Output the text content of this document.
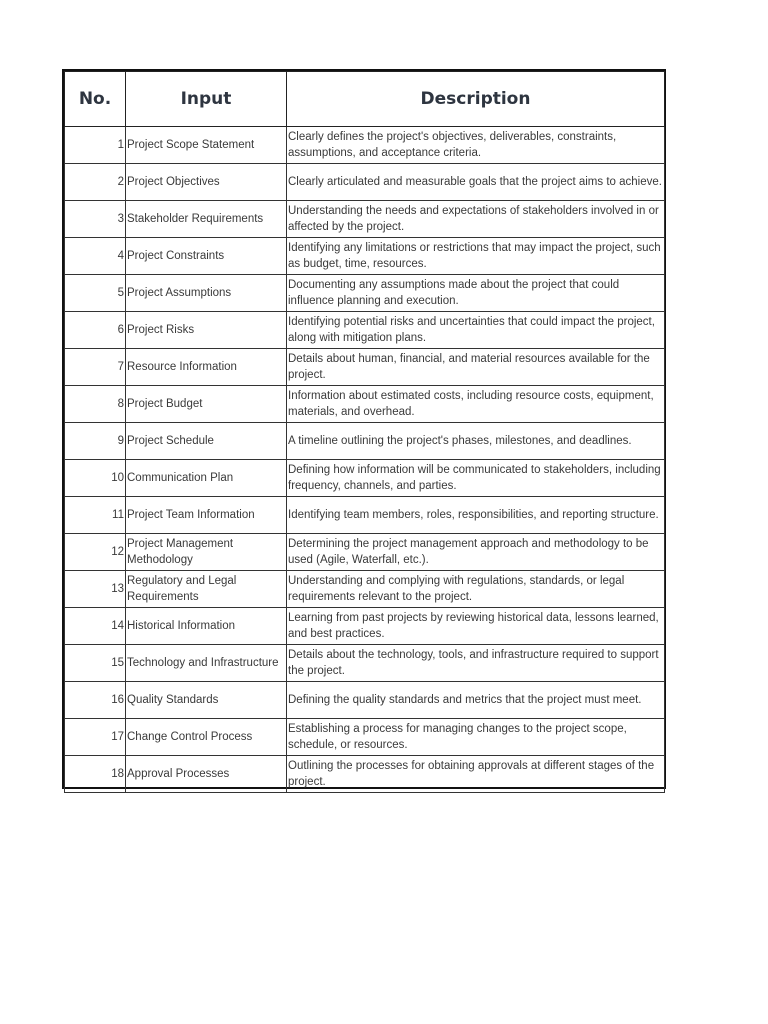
No.	Input	Description
1	Project Scope Statement	Clearly defines the project's objectives, deliverables, constraints, assumptions, and acceptance criteria.
2	Project Objectives	Clearly articulated and measurable goals that the project aims to achieve.
3	Stakeholder Requirements	Understanding the needs and expectations of stakeholders involved in or affected by the project.
4	Project Constraints	Identifying any limitations or restrictions that may impact the project, such as budget, time, resources.
5	Project Assumptions	Documenting any assumptions made about the project that could influence planning and execution.
6	Project Risks	Identifying potential risks and uncertainties that could impact the project, along with mitigation plans.
7	Resource Information	Details about human, financial, and material resources available for the project.
8	Project Budget	Information about estimated costs, including resource costs, equipment, materials, and overhead.
9	Project Schedule	A timeline outlining the project's phases, milestones, and deadlines.
10	Communication Plan	Defining how information will be communicated to stakeholders, including frequency, channels, and parties.
11	Project Team Information	Identifying team members, roles, responsibilities, and reporting structure.
12	Project Management Methodology	Determining the project management approach and methodology to be used (Agile, Waterfall, etc.).
13	Regulatory and Legal Requirements	Understanding and complying with regulations, standards, or legal requirements relevant to the project.
14	Historical Information	Learning from past projects by reviewing historical data, lessons learned, and best practices.
15	Technology and Infrastructure	Details about the technology, tools, and infrastructure required to support the project.
16	Quality Standards	Defining the quality standards and metrics that the project must meet.
17	Change Control Process	Establishing a process for managing changes to the project scope, schedule, or resources.
18	Approval Processes	Outlining the processes for obtaining approvals at different stages of the project.
